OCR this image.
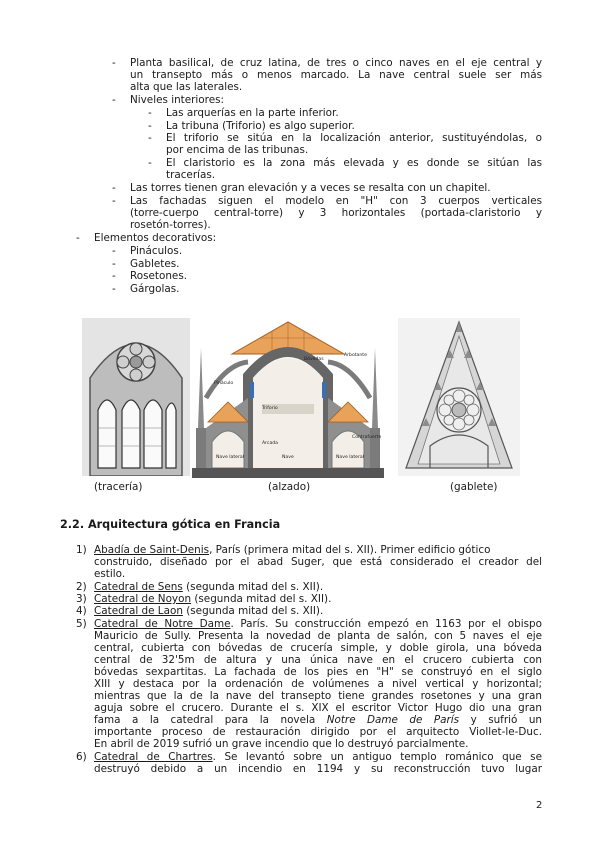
- Planta basilical, de cruz latina, de tres o cinco naves en el eje central y
un transepto más o menos marcado. La nave central suele ser más
alta que las laterales.
- Niveles interiores:
- Las arquerías en la parte inferior.
- La tribuna (Triforio) es algo superior.
- El triforio se sitúa en la localización anterior, sustituyéndolas, o
por encima de las tribunas.
- El claristorio es la zona más elevada y es donde se sitúan las
tracerías.
- Las torres tienen gran elevación y a veces se resalta con un chapitel.
- Las fachadas siguen el modelo en "H" con 3 cuerpos verticales
(torre-cuerpo central-torre) y 3 horizontales (portada-claristorio y
rosetón-torres).
- Elementos decorativos:
- Pináculos.
- Gabletes.
- Rosetones.
- Gárgolas.
Bóvedas
Arbotante
Pináculo
Triforio
Arcada
Nave lateral	Nave	Nave lateral
Contrafuerte
(tracería)	(alzado)	(gablete)
2.2. Arquitectura gótica en Francia
1) Abadía de Saint-Denis, París (primera mitad del s. XII). Primer edificio gótico
construido, diseñado por el abad Suger, que está considerado el creador del
estilo.
2) Catedral de Sens (segunda mitad del s. XII).
3) Catedral de Noyon (segunda mitad del s. XII).
4) Catedral de Laon (segunda mitad del s. XII).
5) Catedral de Notre Dame. París. Su construcción empezó en 1163 por el obispo
Mauricio de Sully. Presenta la novedad de planta de salón, con 5 naves el eje
central, cubierta con bóvedas de crucería simple, y doble girola, una bóveda
central de 32'5m de altura y una única nave en el crucero cubierta con
bóvedas sexpartitas. La fachada de los pies en "H" se construyó en el siglo
XIII y destaca por la ordenación de volúmenes a nivel vertical y horizontal;
mientras que la de la nave del transepto tiene grandes rosetones y una gran
aguja sobre el crucero. Durante el s. XIX el escritor Victor Hugo dio una gran
fama a la catedral para la novela Notre Dame de París y sufrió un
importante proceso de restauración dirigido por el arquitecto Viollet-le-Duc.
En abril de 2019 sufrió un grave incendio que lo destruyó parcialmente.
6) Catedral de Chartres. Se levantó sobre un antiguo templo románico que se
destruyó debido a un incendio en 1194 y su reconstrucción tuvo lugar
2
